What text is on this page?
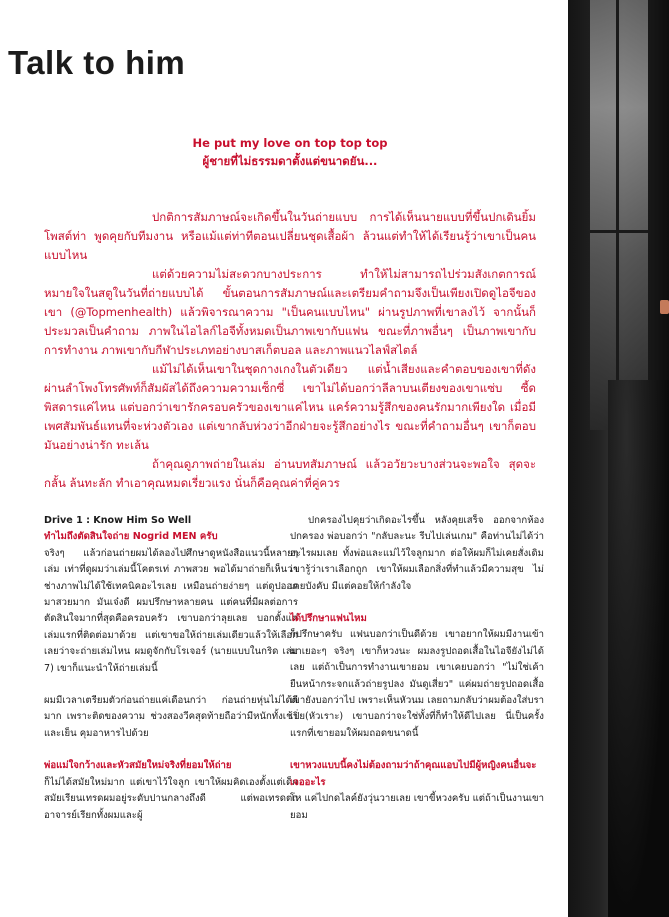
Talk to him
He put my love on top top top
ผู้ชายที่ไม่ธรรมดาตั้งแต่ขนาดยัน...

ปกติการสัมภาษณ์จะเกิดขึ้นในวันถ่ายแบบ การได้เห็นนายแบบที่ขึ้นปกเดินยิ้ม โพสต์ท่า พูดคุยกับทีมงาน หรือแม้แต่ท่าทีตอนเปลี่ยนชุดเสื้อผ้า ล้วนแต่ทำให้ได้เรียนรู้ว่าเขาเป็นคนแบบไหน

แต่ด้วยความไม่สะดวกบางประการ ทำให้ไม่สามารถไปร่วมสังเกตการณ์หมายใจในสตูในวันที่ถ่ายแบบได้ ขั้นตอนการสัมภาษณ์และเตรียมคำถามจึงเป็นเพียงเปิดดูไอจีของเขา (@Topmenhealth) แล้วพิจารณาความ "เป็นคนแบบไหน" ผ่านรูปภาพที่เขาลงไว้ จากนั้นก็ประมวลเป็นคำถาม ภาพในไอไลก์ไอจีทั้งหมดเป็นภาพเขากับแฟน ขณะที่ภาพอื่นๆ เป็นภาพเขากับการทำงาน ภาพเขากับกีฬาประเภทอย่างบาสเก็ตบอล และภาพแนวไลฟ์สไตล์

แม้ไม่ได้เห็นเขาในชุดกางเกงในตัวเดียว แต่น้ำเสียงและคำตอบของเขาที่ดังผ่านลำโพงโทรศัพท์ก็สัมผัสได้ถึงความความเซ็กซี่ เขาไม่ได้บอกว่าลีลาบนเตียงของเขาแซ่บ ซี้ด พิสดารแค่ไหน แต่บอกว่าเขารักครอบครัวของเขาแค่ไหน แคร์ความรู้สึกของคนรักมากเพียงใด เมื่อมีเพศสัมพันธ์แทนที่จะห่วงตัวเอง แต่เขากลับห่วงว่าอีกฝ่ายจะรู้สึกอย่างไร ขณะที่คำถามอื่นๆ เขาก็ตอบมันอย่างน่ารัก ทะเล้น

ถ้าคุณดูภาพถ่ายในเล่ม อ่านบทสัมภาษณ์ แล้วอวัยวะบางส่วนจะพอใจ สุดจะกลั้น ล้นทะลัก ทำเอาคุณหมดเรี่ยวแรง นั่นก็คือคุณค่าที่คู่ควร

Drive 1 : Know Him So Well

ทำไมถึงตัดสินใจถ่าย Nogrid MEN ครับ

จริงๆ แล้วก่อนถ่ายผมได้ลองไปศึกษาดูหนังสือแนวนี้หลายๆ เล่ม เท่าที่ดูผมว่าเล่มนี้โคตรเท่ ภาพสวย พอได้มาถ่ายก็เห็นว่าช่างภาพไม่ได้ใช้เทคนิคอะไรเลย เหมือนถ่ายง่ายๆ แต่ดูปออกมาสวยมาก มันเจ๋งดี ผมปรึกษาหลายคน แต่คนที่มีผลต่อการตัดสินใจมากที่สุดคือครอบครัว เขาบอกว่าลุยเลย บอกตั้งแต่เล่มแรกที่ติดต่อมาด้วย แต่เขาขอให้ถ่ายเล่มเดียวแล้วให้เลือกเลยว่าจะถ่ายเล่มไหน ผมดูจักกับโรเจอร์ (นายแบบในกริด เล่ม 7) เขาก็แนะนำให้ถ่ายเล่มนี้

ผมมีเวลาเตรียมตัวก่อนถ่ายแค่เดือนกว่า ก่อนถ่ายหุ่นไม่ได้ดีมาก เพราะติดของความ ช่วงสองวีคสุดท้ายถือว่ามีหนักทั้งเช้าและเย็น คุมอาหารไปด้วย

พ่อแม่ใจกว้างและหัวสมัยใหม่จริงที่ยอมให้ถ่าย

ก็ไม่ได้สมัยใหม่มาก แต่เขาไว้ใจลูก เขาให้ผมคิดเองตั้งแต่เด็ก สมัยเรียนเทรดผมอยู่ระดับปานกลางถึงดี แต่พอเทรดตกอาจารย์เรียกทั้งผมและผู้

ปกครองไปคุยว่าเกิดอะไรขึ้น หลังคุยเสร็จ ออกจากห้องปกครอง พ่อบอกว่า "กลับละนะ รีบไปเล่นเกม" คือท่านไม่ได้ว่าอะไรผมเลย ทั้งพ่อและแม่ไว้ใจลูกมาก ต่อให้ผมก็ไม่เคยสั่งเดิม เขารู้ว่าเราเลือกถูก เขาให้ผมเลือกสิ่งที่ทำแล้วมีความสุข ไม่เคยบังคับ มีแต่คอยให้กำลังใจ

ได้ปรึกษาแฟนไหม

ก็ปรึกษาครับ แฟนบอกว่าเป็นดีด้วย เขาอยากให้ผมมีงานเข้ามาเยอะๆ จริงๆ เขาก็หวงนะ ผมลงรูปถอดเสื้อในไอจียังไม่ได้เลย แต่ถ้าเป็นการทำงานเขายอม เขาเคยบอกว่า "ไม่ใช่เค้ายืนหน้ากระจกแล้วถ่ายรูปลง มันดูเสี่ยว" แค่ผมถ่ายรูปถอดเสื้อเขายังบอกว่าไป เพราะเห็นหัวนม เลยถามกลับว่าผมต้องใส่บราเปิ่ย(หัวเราะ) เขาบอกว่าจะใช่ทั้งที่ก็ทำให้ดีไปเลย นี่เป็นครั้งแรกที่เขายอมให้ผมถอดขนาดนี้

เขาหวงแบบนี้คงไม่ต้องถามว่าถ้าคุณแอบไปมีผู้หญิงคนอื่นจะเจออะไร

โห แค่ไปกดไลค์ยังวุ่นวายเลย เขาขี้หวงครับ แต่ถ้าเป็นงานเขายอม
